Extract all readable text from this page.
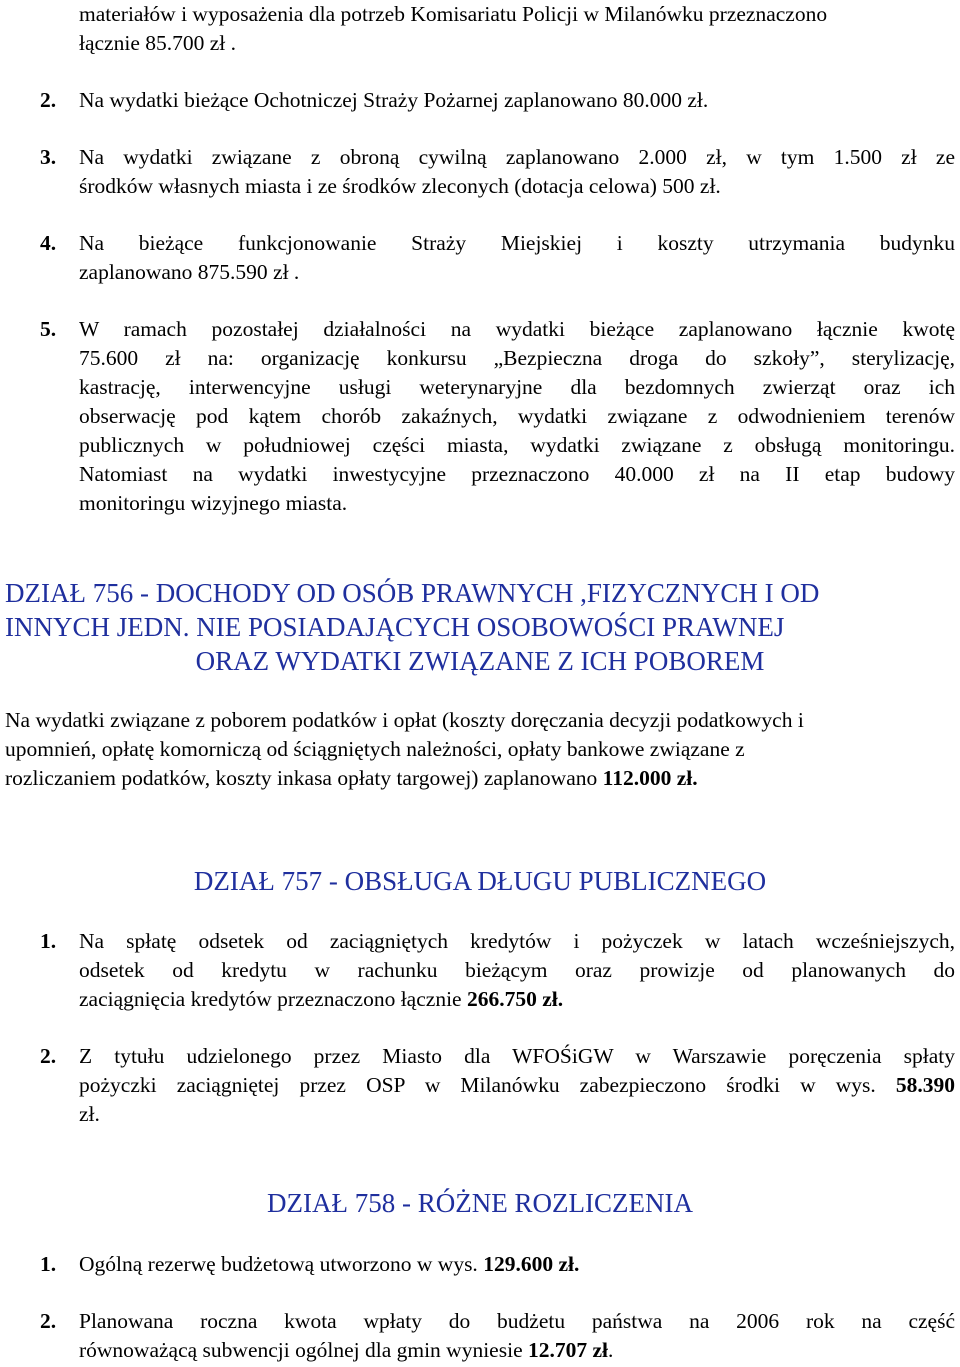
materiałów i wyposażenia dla potrzeb Komisariatu Policji w Milanówku przeznaczono
łącznie 85.700 zł .
2. Na wydatki bieżące Ochotniczej Straży Pożarnej zaplanowano 80.000 zł.
3. Na wydatki związane z obroną cywilną zaplanowano 2.000 zł, w tym 1.500 zł ze
środków własnych miasta i ze środków zleconych (dotacja celowa) 500 zł.
4. Na bieżące funkcjonowanie Straży Miejskiej i koszty utrzymania budynku
zaplanowano 875.590 zł .
5. W ramach pozostałej działalności na wydatki bieżące zaplanowano łącznie kwotę
75.600 zł na: organizację konkursu „Bezpieczna droga do szkoły”, sterylizację,
kastrację, interwencyjne usługi weterynaryjne dla bezdomnych zwierząt oraz ich
obserwację pod kątem chorób zakaźnych, wydatki związane z odwodnieniem terenów
publicznych w południowej części miasta, wydatki związane z obsługą monitoringu.
Natomiast na wydatki inwestycyjne przeznaczono 40.000 zł na II etap budowy
monitoringu wizyjnego miasta.
DZIAŁ 756 - DOCHODY OD OSÓB PRAWNYCH ,FIZYCZNYCH I OD
INNYCH JEDN. NIE POSIADAJĄCYCH OSOBOWOŚCI PRAWNEJ
ORAZ WYDATKI ZWIĄZANE Z ICH POBOREM
Na wydatki związane z poborem podatków i opłat (koszty doręczania decyzji podatkowych i
upomnień, opłatę komorniczą od ściągniętych należności, opłaty bankowe związane z
rozliczaniem podatków, koszty inkasa opłaty targowej) zaplanowano 112.000 zł.
DZIAŁ 757 - OBSŁUGA DŁUGU PUBLICZNEGO
1. Na spłatę odsetek od zaciągniętych kredytów i pożyczek w latach wcześniejszych,
odsetek od kredytu w rachunku bieżącym oraz prowizje od planowanych do
zaciągnięcia kredytów przeznaczono łącznie 266.750 zł.
2. Z tytułu udzielonego przez Miasto dla WFOŚiGW w Warszawie poręczenia spłaty
pożyczki zaciągniętej przez OSP w Milanówku zabezpieczono środki w wys. 58.390
zł.
DZIAŁ 758 - RÓŻNE ROZLICZENIA
1. Ogólną rezerwę budżetową utworzono w wys. 129.600 zł.
2. Planowana roczna kwota wpłaty do budżetu państwa na 2006 rok na część
równoważącą subwencji ogólnej dla gmin wyniesie 12.707 zł.
